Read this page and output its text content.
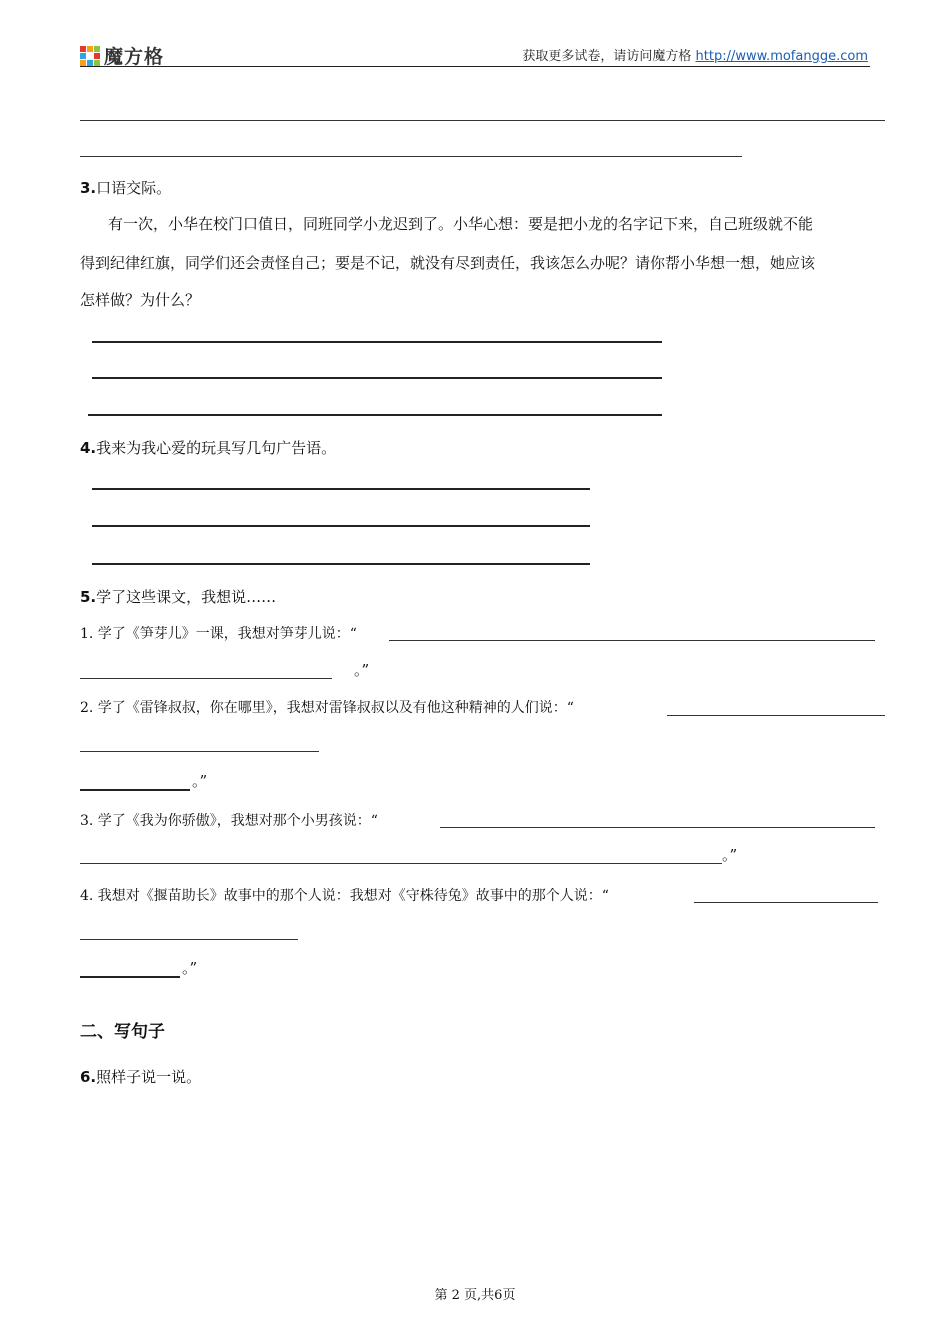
魔方格	获取更多试卷，请访问魔方格 http://www.mofangge.com
3.口语交际。
有一次，小华在校门口值日，同班同学小龙迟到了。小华心想：要是把小龙的名字记下来，自己班级就不能
得到纪律红旗，同学们还会责怪自己；要是不记，就没有尽到责任，我该怎么办呢？请你帮小华想一想，她应该
怎样做？为什么？
4.我来为我心爱的玩具写几句广告语。
5.学了这些课文，我想说……
1. 学了《笋芽儿》一课，我想对笋芽儿说：“
。”
2. 学了《雷锋叔叔，你在哪里》，我想对雷锋叔叔以及有他这种精神的人们说：“
。”
3. 学了《我为你骄傲》，我想对那个小男孩说：“
。”
4. 我想对《揠苗助长》故事中的那个人说：我想对《守株待兔》故事中的那个人说：“
。”
二、写句子
6.照样子说一说。
第 2 页,共6页
